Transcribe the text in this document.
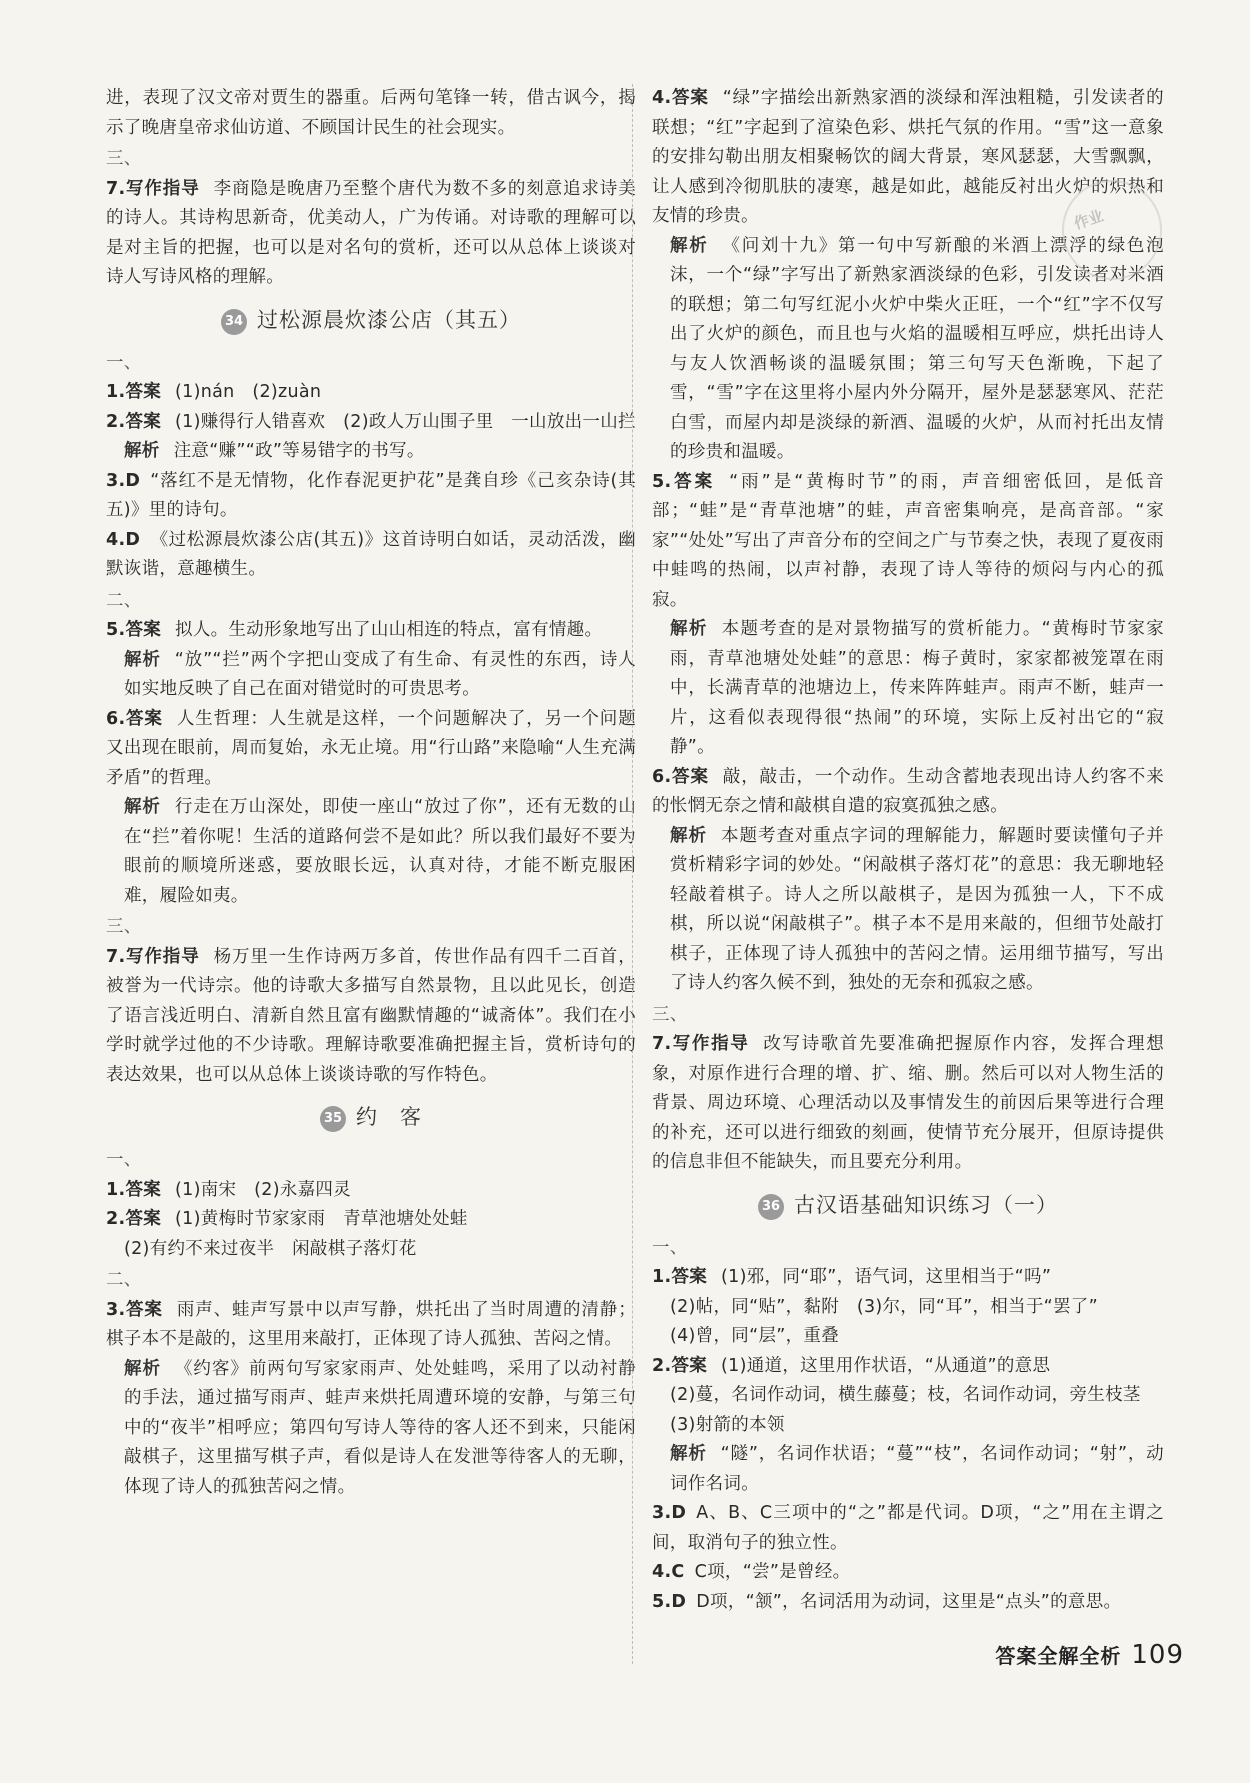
进，表现了汉文帝对贾生的器重。后两句笔锋一转，借古讽今，揭示了晚唐皇帝求仙访道、不顾国计民生的社会现实。

三、

7.写作指导 李商隐是晚唐乃至整个唐代为数不多的刻意追求诗美的诗人。其诗构思新奇，优美动人，广为传诵。对诗歌的理解可以是对主旨的把握，也可以是对名句的赏析，还可以从总体上谈谈对诗人写诗风格的理解。

34 过松源晨炊漆公店（其五）

一、

1.答案 (1)nán　(2)zuàn

2.答案 (1)赚得行人错喜欢　(2)政人万山围子里　一山放出一山拦

解析 注意“赚”“政”等易错字的书写。

3.D “落红不是无情物，化作春泥更护花”是龚自珍《己亥杂诗(其五)》里的诗句。

4.D 《过松源晨炊漆公店(其五)》这首诗明白如话，灵动活泼，幽默诙谐，意趣横生。

二、

5.答案 拟人。生动形象地写出了山山相连的特点，富有情趣。

解析 “放”“拦”两个字把山变成了有生命、有灵性的东西，诗人如实地反映了自己在面对错觉时的可贵思考。

6.答案 人生哲理：人生就是这样，一个问题解决了，另一个问题又出现在眼前，周而复始，永无止境。用“行山路”来隐喻“人生充满矛盾”的哲理。

解析 行走在万山深处，即使一座山“放过了你”，还有无数的山在“拦”着你呢！生活的道路何尝不是如此？所以我们最好不要为眼前的顺境所迷惑，要放眼长远，认真对待，才能不断克服困难，履险如夷。

三、

7.写作指导 杨万里一生作诗两万多首，传世作品有四千二百首，被誉为一代诗宗。他的诗歌大多描写自然景物，且以此见长，创造了语言浅近明白、清新自然且富有幽默情趣的“诚斋体”。我们在小学时就学过他的不少诗歌。理解诗歌要准确把握主旨，赏析诗句的表达效果，也可以从总体上谈谈诗歌的写作特色。

35 约　客

一、

1.答案 (1)南宋　(2)永嘉四灵

2.答案 (1)黄梅时节家家雨　青草池塘处处蛙

(2)有约不来过夜半　闲敲棋子落灯花

二、

3.答案 雨声、蛙声写景中以声写静，烘托出了当时周遭的清静；棋子本不是敲的，这里用来敲打，正体现了诗人孤独、苦闷之情。

解析 《约客》前两句写家家雨声、处处蛙鸣，采用了以动衬静的手法，通过描写雨声、蛙声来烘托周遭环境的安静，与第三句中的“夜半”相呼应；第四句写诗人等待的客人还不到来，只能闲敲棋子，这里描写棋子声，看似是诗人在发泄等待客人的无聊，体现了诗人的孤独苦闷之情。

4.答案 “绿”字描绘出新熟家酒的淡绿和浑浊粗糙，引发读者的联想；“红”字起到了渲染色彩、烘托气氛的作用。“雪”这一意象的安排勾勒出朋友相聚畅饮的阔大背景，寒风瑟瑟，大雪飘飘，让人感到冷彻肌肤的凄寒，越是如此，越能反衬出火炉的炽热和友情的珍贵。

解析 《问刘十九》第一句中写新酿的米酒上漂浮的绿色泡沫，一个“绿”字写出了新熟家酒淡绿的色彩，引发读者对米酒的联想；第二句写红泥小火炉中柴火正旺，一个“红”字不仅写出了火炉的颜色，而且也与火焰的温暖相互呼应，烘托出诗人与友人饮酒畅谈的温暖氛围；第三句写天色渐晚，下起了雪，“雪”字在这里将小屋内外分隔开，屋外是瑟瑟寒风、茫茫白雪，而屋内却是淡绿的新酒、温暖的火炉，从而衬托出友情的珍贵和温暖。

5.答案 “雨”是“黄梅时节”的雨，声音细密低回，是低音部；“蛙”是“青草池塘”的蛙，声音密集响亮，是高音部。“家家”“处处”写出了声音分布的空间之广与节奏之快，表现了夏夜雨中蛙鸣的热闹，以声衬静，表现了诗人等待的烦闷与内心的孤寂。

解析 本题考查的是对景物描写的赏析能力。“黄梅时节家家雨，青草池塘处处蛙”的意思：梅子黄时，家家都被笼罩在雨中，长满青草的池塘边上，传来阵阵蛙声。雨声不断，蛙声一片，这看似表现得很“热闹”的环境，实际上反衬出它的“寂静”。

6.答案 敲，敲击，一个动作。生动含蓄地表现出诗人约客不来的怅惘无奈之情和敲棋自遣的寂寞孤独之感。

解析 本题考查对重点字词的理解能力，解题时要读懂句子并赏析精彩字词的妙处。“闲敲棋子落灯花”的意思：我无聊地轻轻敲着棋子。诗人之所以敲棋子，是因为孤独一人，下不成棋，所以说“闲敲棋子”。棋子本不是用来敲的，但细节处敲打棋子，正体现了诗人孤独中的苦闷之情。运用细节描写，写出了诗人约客久候不到，独处的无奈和孤寂之感。

三、

7.写作指导 改写诗歌首先要准确把握原作内容，发挥合理想象，对原作进行合理的增、扩、缩、删。然后可以对人物生活的背景、周边环境、心理活动以及事情发生的前因后果等进行合理的补充，还可以进行细致的刻画，使情节充分展开，但原诗提供的信息非但不能缺失，而且要充分利用。

36 古汉语基础知识练习（一）

一、

1.答案 (1)邪，同“耶”，语气词，这里相当于“吗”

(2)帖，同“贴”，黏附　(3)尔，同“耳”，相当于“罢了”

(4)曾，同“层”，重叠

2.答案 (1)通道，这里用作状语，“从通道”的意思

(2)蔓，名词作动词，横生藤蔓；枝，名词作动词，旁生枝茎

(3)射箭的本领

解析 “隧”，名词作状语；“蔓”“枝”，名词作动词；“射”，动词作名词。

3.D A、B、C三项中的“之”都是代词。D项，“之”用在主谓之间，取消句子的独立性。

4.C C项，“尝”是曾经。

5.D D项，“颔”，名词活用为动词，这里是“点头”的意思。

作业
答案全解全析 109
